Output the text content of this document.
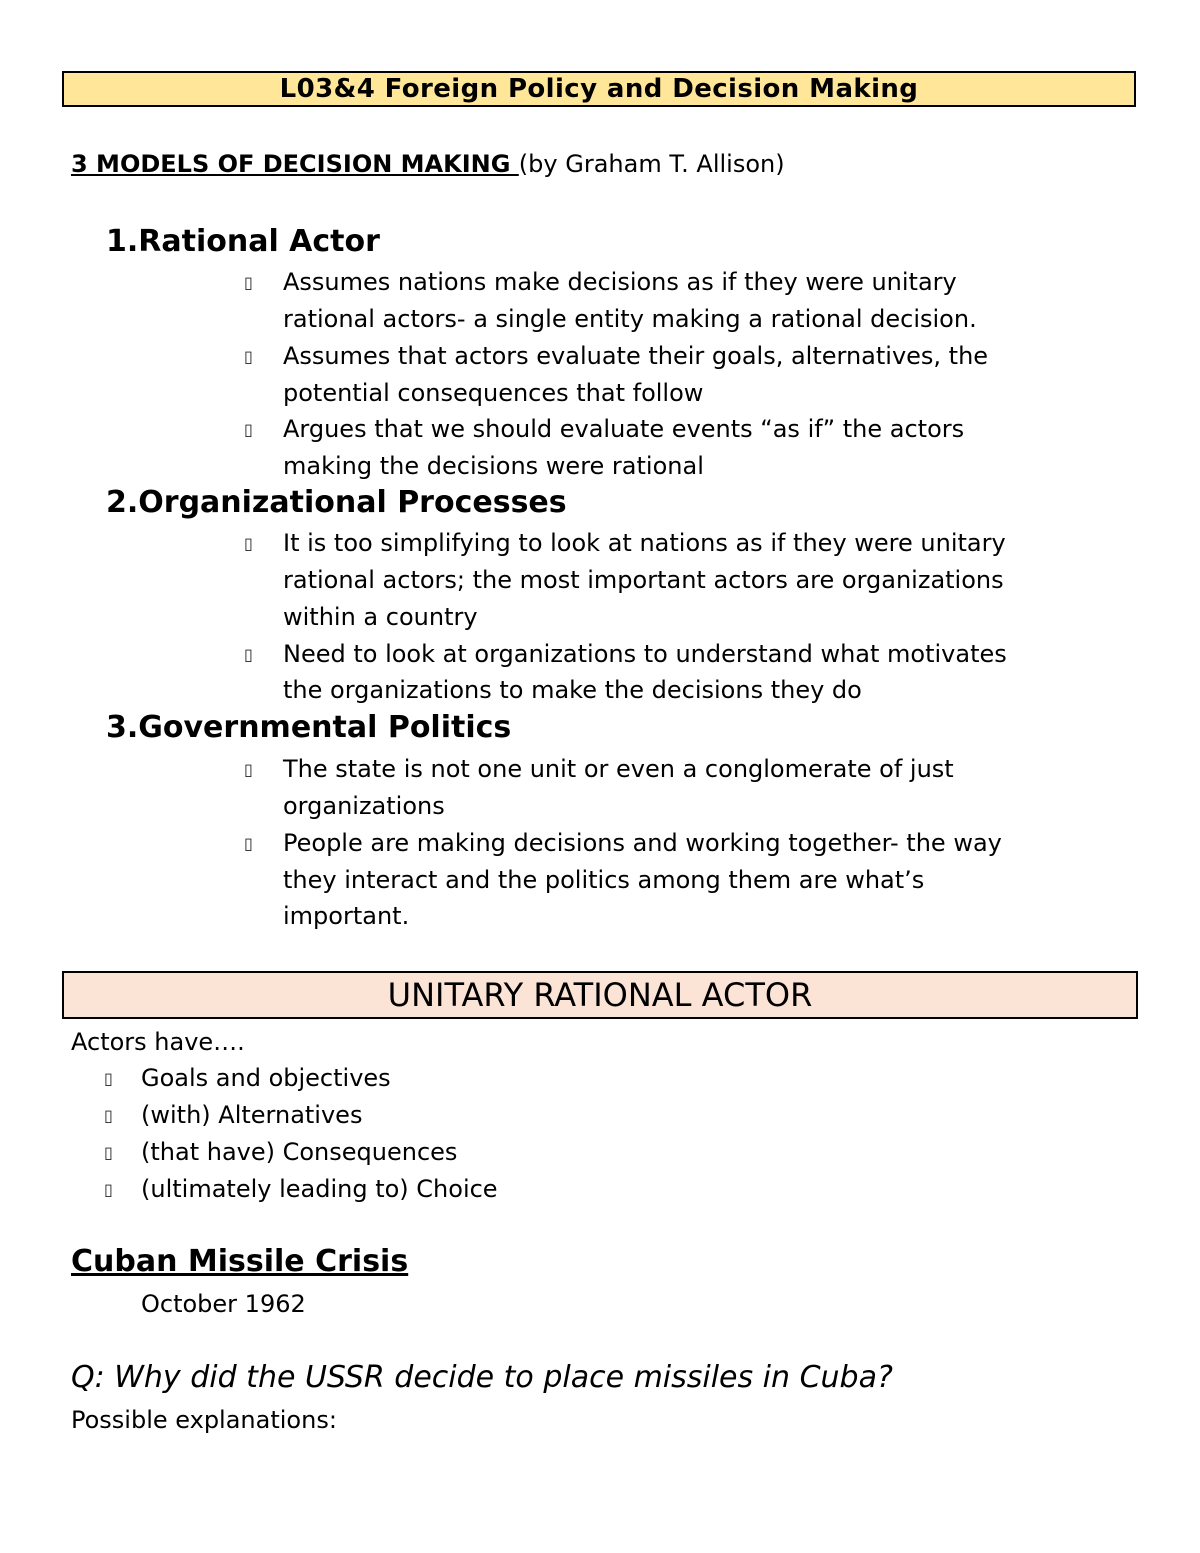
L03&4 Foreign Policy and Decision Making
3 MODELS OF DECISION MAKING (by Graham T. Allison)
1.Rational Actor
▯ Assumes nations make decisions as if they were unitary
rational actors- a single entity making a rational decision.
▯ Assumes that actors evaluate their goals, alternatives, the
potential consequences that follow
▯ Argues that we should evaluate events “as if” the actors
making the decisions were rational
2.Organizational Processes
▯ It is too simplifying to look at nations as if they were unitary
rational actors; the most important actors are organizations
within a country
▯ Need to look at organizations to understand what motivates
the organizations to make the decisions they do
3.Governmental Politics
▯ The state is not one unit or even a conglomerate of just
organizations
▯ People are making decisions and working together- the way
they interact and the politics among them are what’s
important.
UNITARY RATIONAL ACTOR
Actors have….
▯ Goals and objectives
▯ (with) Alternatives
▯ (that have) Consequences
▯ (ultimately leading to) Choice
Cuban Missile Crisis
October 1962
Q: Why did the USSR decide to place missiles in Cuba?
Possible explanations:
